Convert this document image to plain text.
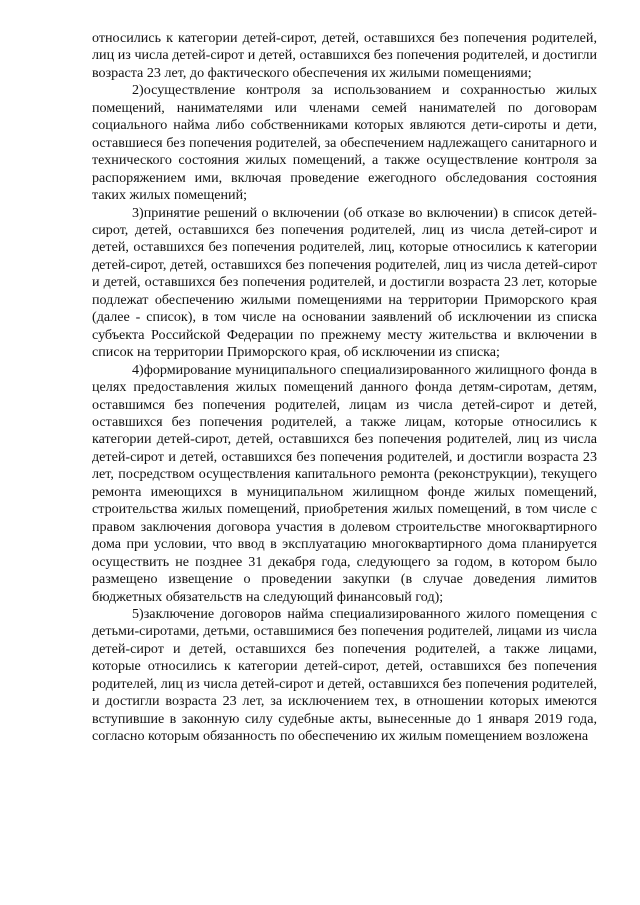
относились к категории детей-сирот, детей, оставшихся без попечения родителей, лиц из числа детей-сирот и детей, оставшихся без попечения родителей, и достигли возраста 23 лет, до фактического обеспечения их жилыми помещениями;

2)осуществление контроля за использованием и сохранностью жилых помещений, нанимателями или членами семей нанимателей по договорам социального найма либо собственниками которых являются дети-сироты и дети, оставшиеся без попечения родителей, за обеспечением надлежащего санитарного и технического состояния жилых помещений, а также осуществление контроля за распоряжением ими, включая проведение ежегодного обследования состояния таких жилых помещений;

3)принятие решений о включении (об отказе во включении) в список детей-сирот, детей, оставшихся без попечения родителей, лиц из числа детей-сирот и детей, оставшихся без попечения родителей, лиц, которые относились к категории детей-сирот, детей, оставшихся без попечения родителей, лиц из числа детей-сирот и детей, оставшихся без попечения родителей, и достигли возраста 23 лет, которые подлежат обеспечению жилыми помещениями на территории Приморского края (далее - список), в том числе на основании заявлений об исключении из списка субъекта Российской Федерации по прежнему месту жительства и включении в список на территории Приморского края, об исключении из списка;

4)формирование муниципального специализированного жилищного фонда в целях предоставления жилых помещений данного фонда детям-сиротам, детям, оставшимся без попечения родителей, лицам из числа детей-сирот и детей, оставшихся без попечения родителей, а также лицам, которые относились к категории детей-сирот, детей, оставшихся без попечения родителей, лиц из числа детей-сирот и детей, оставшихся без попечения родителей, и достигли возраста 23 лет, посредством осуществления капитального ремонта (реконструкции), текущего ремонта имеющихся в муниципальном жилищном фонде жилых помещений, строительства жилых помещений, приобретения жилых помещений, в том числе с правом заключения договора участия в долевом строительстве многоквартирного дома при условии, что ввод в эксплуатацию многоквартирного дома планируется осуществить не позднее 31 декабря года, следующего за годом, в котором было размещено извещение о проведении закупки (в случае доведения лимитов бюджетных обязательств на следующий финансовый год);

5)заключение договоров найма специализированного жилого помещения с детьми-сиротами, детьми, оставшимися без попечения родителей, лицами из числа детей-сирот и детей, оставшихся без попечения родителей, а также лицами, которые относились к категории детей-сирот, детей, оставшихся без попечения родителей, лиц из числа детей-сирот и детей, оставшихся без попечения родителей, и достигли возраста 23 лет, за исключением тех, в отношении которых имеются вступившие в законную силу судебные акты, вынесенные до 1 января 2019 года, согласно которым обязанность по обеспечению их жилым помещением возложена
